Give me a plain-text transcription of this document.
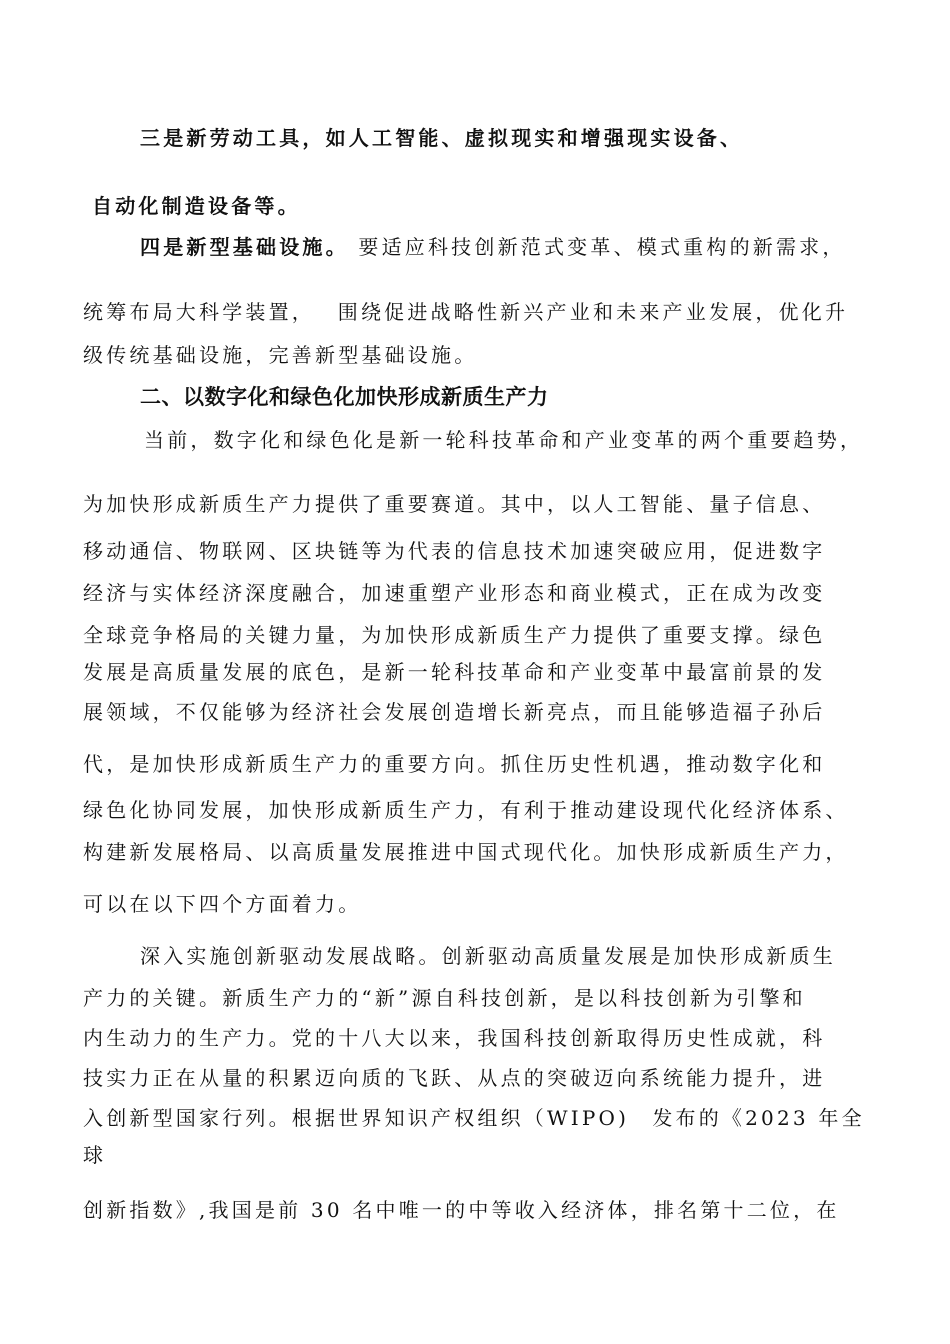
三是新劳动工具，如人工智能、虚拟现实和增强现实设备、
自动化制造设备等。
四是新型基础设施。 要适应科技创新范式变革、模式重构的新需求，
统筹布局大科学装置，　 围绕促进战略性新兴产业和未来产业发展，优化升
级传统基础设施，完善新型基础设施。
二、以数字化和绿色化加快形成新质生产力
当前，数字化和绿色化是新一轮科技革命和产业变革的两个重要趋势，
为加快形成新质生产力提供了重要赛道。其中，以人工智能、量子信息、
移动通信、物联网、区块链等为代表的信息技术加速突破应用，促进数字
经济与实体经济深度融合，加速重塑产业形态和商业模式，正在成为改变
全球竞争格局的关键力量，为加快形成新质生产力提供了重要支撑。绿色
发展是高质量发展的底色，是新一轮科技革命和产业变革中最富前景的发
展领域，不仅能够为经济社会发展创造增长新亮点，而且能够造福子孙后
代，是加快形成新质生产力的重要方向。抓住历史性机遇，推动数字化和
绿色化协同发展，加快形成新质生产力，有利于推动建设现代化经济体系、
构建新发展格局、以高质量发展推进中国式现代化。加快形成新质生产力，
可以在以下四个方面着力。
深入实施创新驱动发展战略。创新驱动高质量发展是加快形成新质生
产力的关键。新质生产力的“新”源自科技创新，是以科技创新为引擎和
内生动力的生产力。党的十八大以来，我国科技创新取得历史性成就，科
技实力正在从量的积累迈向质的飞跃、从点的突破迈向系统能力提升，进
入创新型国家行列。根据世界知识产权组织（WIPO)　发布的《2023 年全
球
创新指数》,我国是前 30 名中唯一的中等收入经济体，排名第十二位，在
